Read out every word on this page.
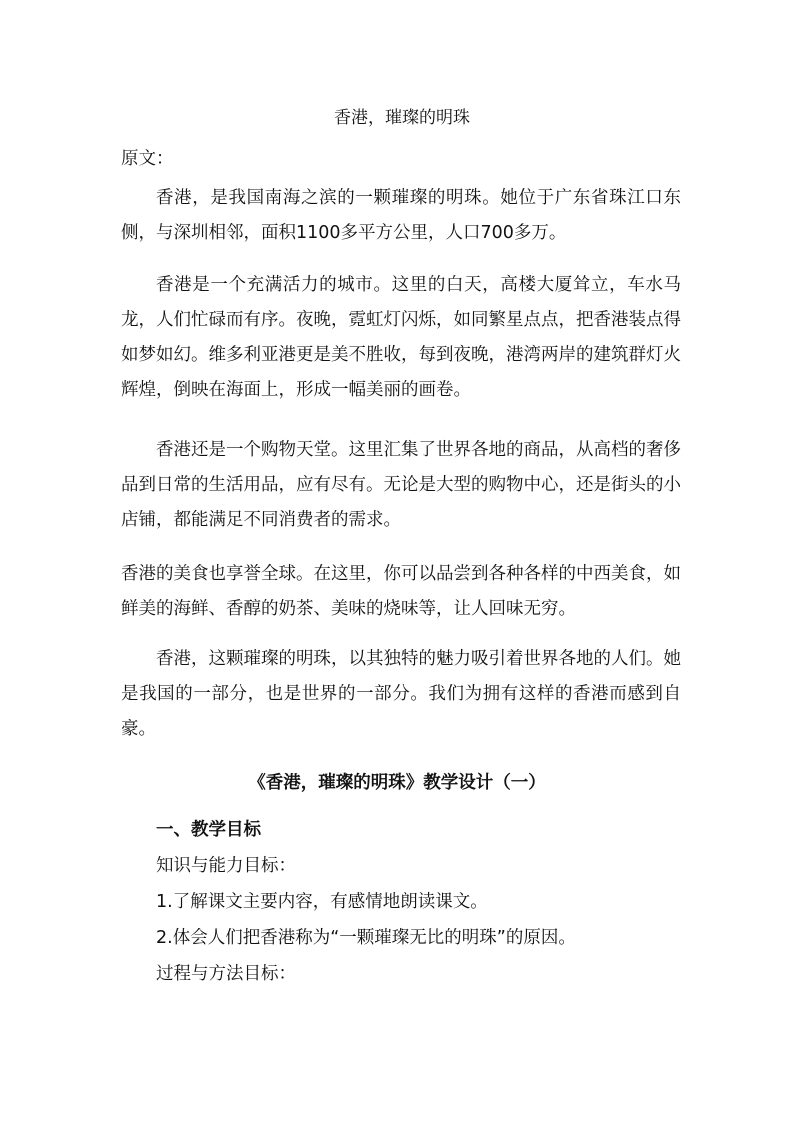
香港，璀璨的明珠
原文：

香港，是我国南海之滨的一颗璀璨的明珠。她位于广东省珠江口东侧，与深圳相邻，面积1100多平方公里，人口700多万。

香港是一个充满活力的城市。这里的白天，高楼大厦耸立，车水马龙，人们忙碌而有序。夜晚，霓虹灯闪烁，如同繁星点点，把香港装点得如梦如幻。维多利亚港更是美不胜收，每到夜晚，港湾两岸的建筑群灯火辉煌，倒映在海面上，形成一幅美丽的画卷。

香港还是一个购物天堂。这里汇集了世界各地的商品，从高档的奢侈品到日常的生活用品，应有尽有。无论是大型的购物中心，还是街头的小店铺，都能满足不同消费者的需求。

香港的美食也享誉全球。在这里，你可以品尝到各种各样的中西美食，如鲜美的海鲜、香醇的奶茶、美味的烧味等，让人回味无穷。

香港，这颗璀璨的明珠，以其独特的魅力吸引着世界各地的人们。她是我国的一部分，也是世界的一部分。我们为拥有这样的香港而感到自豪。

《香港，璀璨的明珠》教学设计（一）
一、教学目标
知识与能力目标：
1.了解课文主要内容，有感情地朗读课文。
2.体会人们把香港称为“一颗璀璨无比的明珠”的原因。
过程与方法目标：
